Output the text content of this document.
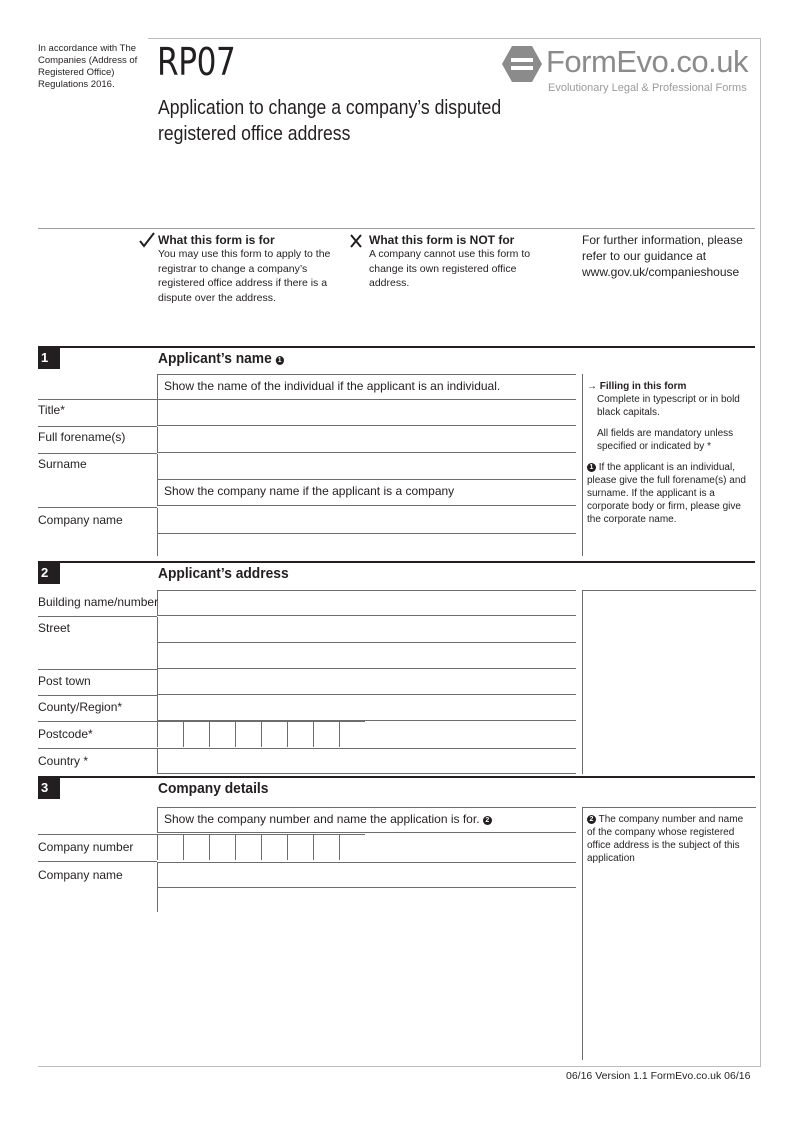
In accordance with The Companies (Address of Registered Office) Regulations 2016.
RP07
Application to change a company’s disputed registered office address
FormEvo.co.uk
Evolutionary Legal & Professional Forms
What this form is for
You may use this form to apply to the registrar to change a company’s registered office address if there is a dispute over the address.
What this form is NOT for
A company cannot use this form to change its own registered office address.
For further information, please refer to our guidance at www.gov.uk/companieshouse
1	Applicant’s name 1
Show the name of the individual if the applicant is an individual.
Title*
Full forename(s)
Surname
Show the company name if the applicant is a company
Company name

→ Filling in this form

Complete in typescript or in bold black capitals.

All fields are mandatory unless specified or indicated by *

1 If the applicant is an individual, please give the full forename(s) and surname. If the applicant is a corporate body or firm, please give the corporate name.

2	Applicant’s address
Building name/number
Street
Post town
County/Region*
Postcode*
Country *
3	Company details
Show the company number and name the application is for. 2
Company number
Company name

2 The company number and name of the company whose registered office address is the subject of this application

06/16 Version 1.1 FormEvo.co.uk 06/16
